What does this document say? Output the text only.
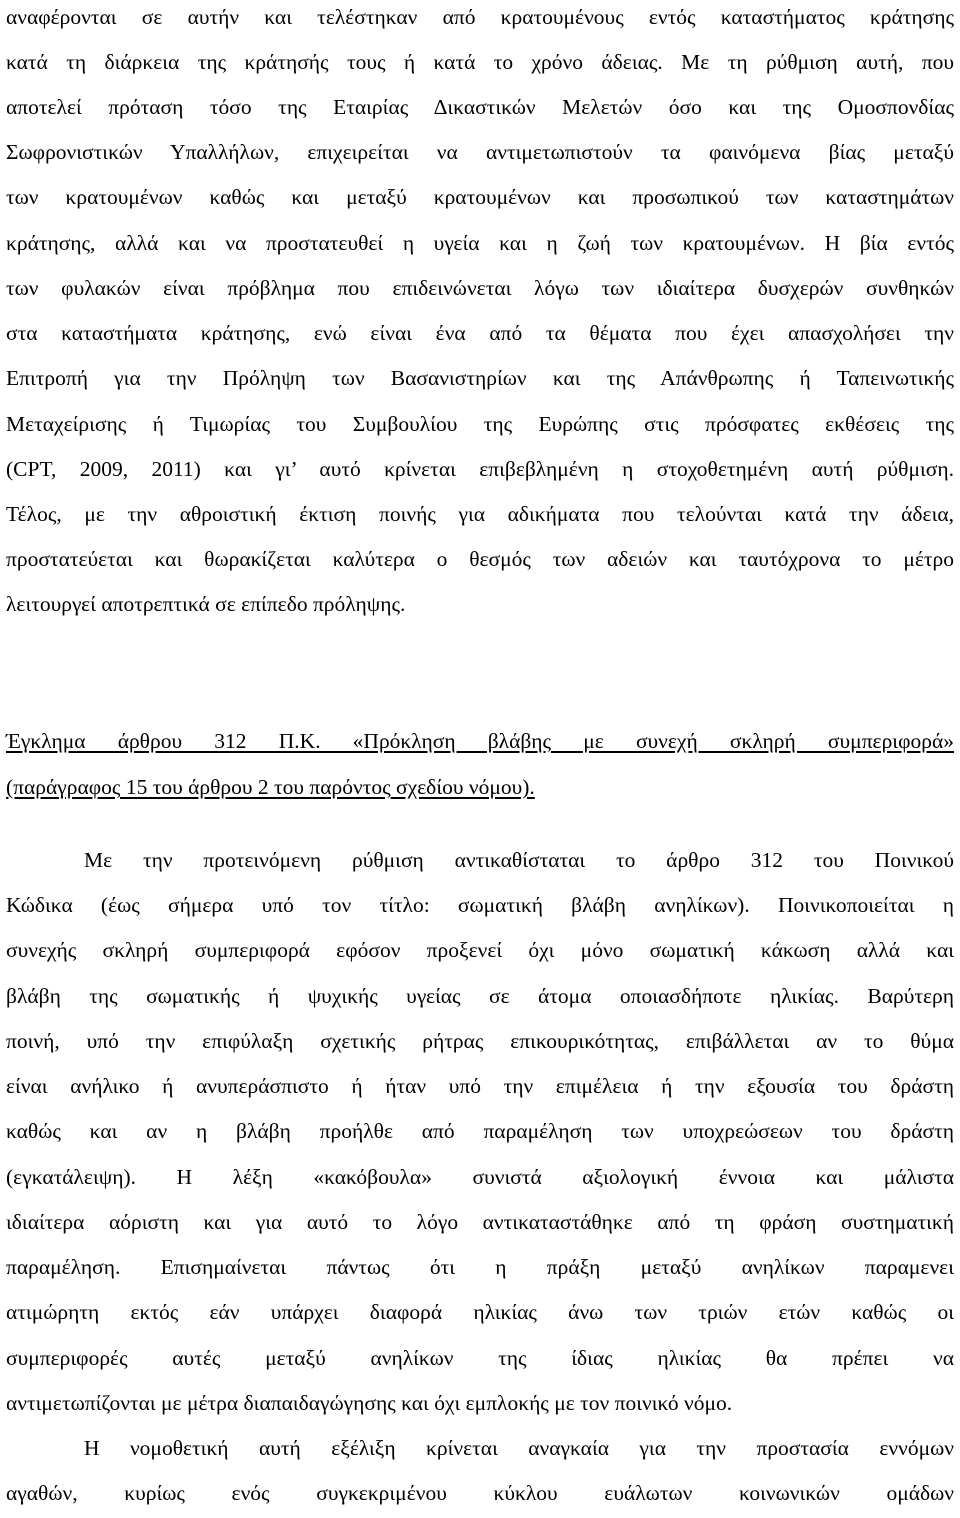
αναφέρονται σε αυτήν και τελέστηκαν από κρατουμένους εντός καταστήματος κράτησης
κατά τη διάρκεια της κράτησής τους ή κατά το χρόνο άδειας. Με τη ρύθμιση αυτή, που
αποτελεί πρόταση τόσο της Εταιρίας Δικαστικών Μελετών όσο και της Ομοσπονδίας
Σωφρονιστικών Υπαλλήλων, επιχειρείται να αντιμετωπιστούν τα φαινόμενα βίας μεταξύ
των κρατουμένων καθώς και μεταξύ κρατουμένων και προσωπικού των καταστημάτων
κράτησης, αλλά και να προστατευθεί η υγεία και η ζωή των κρατουμένων. Η βία εντός
των φυλακών είναι πρόβλημα που επιδεινώνεται λόγω των ιδιαίτερα δυσχερών συνθηκών
στα καταστήματα κράτησης, ενώ είναι ένα από τα θέματα που έχει απασχολήσει την
Επιτροπή για την Πρόληψη των Βασανιστηρίων και της Απάνθρωπης ή Ταπεινωτικής
Μεταχείρισης ή Τιμωρίας του Συμβουλίου της Ευρώπης στις πρόσφατες εκθέσεις της
(CPT, 2009, 2011) και γι’ αυτό κρίνεται επιβεβλημένη η στοχοθετημένη αυτή ρύθμιση.
Τέλος, με την αθροιστική έκτιση ποινής για αδικήματα που τελούνται κατά την άδεια,
προστατεύεται και θωρακίζεται καλύτερα ο θεσμός των αδειών και ταυτόχρονα το μέτρο
λειτουργεί αποτρεπτικά σε επίπεδο πρόληψης.
Έγκλημα άρθρου 312 Π.Κ. «Πρόκληση βλάβης με συνεχή σκληρή συμπεριφορά»
(παράγραφος 15 του άρθρου 2 του παρόντος σχεδίου νόμου).
Με την προτεινόμενη ρύθμιση αντικαθίσταται το άρθρο 312 του Ποινικού
Κώδικα (έως σήμερα υπό τον τίτλο: σωματική βλάβη ανηλίκων). Ποινικοποιείται η
συνεχής σκληρή συμπεριφορά εφόσον προξενεί όχι μόνο σωματική κάκωση αλλά και
βλάβη της σωματικής ή ψυχικής υγείας σε άτομα οποιασδήποτε ηλικίας. Βαρύτερη
ποινή, υπό την επιφύλαξη σχετικής ρήτρας επικουρικότητας, επιβάλλεται αν το θύμα
είναι ανήλικο ή ανυπεράσπιστο ή ήταν υπό την επιμέλεια ή την εξουσία του δράστη
καθώς και αν η βλάβη προήλθε από παραμέληση των υποχρεώσεων του δράστη
(εγκατάλειψη). Η λέξη «κακόβουλα» συνιστά αξιολογική έννοια και μάλιστα
ιδιαίτερα αόριστη και για αυτό το λόγο αντικαταστάθηκε από τη φράση συστηματική
παραμέληση. Επισημαίνεται πάντως ότι η πράξη μεταξύ ανηλίκων παραμενει
ατιμώρητη εκτός εάν υπάρχει διαφορά ηλικίας άνω των τριών ετών καθώς οι
συμπεριφορές αυτές μεταξύ ανηλίκων της ίδιας ηλικίας θα πρέπει να
αντιμετωπίζονται με μέτρα διαπαιδαγώγησης και όχι εμπλοκής με τον ποινικό νόμο.
Η νομοθετική αυτή εξέλιξη κρίνεται αναγκαία για την προστασία εννόμων
αγαθών, κυρίως ενός συγκεκριμένου κύκλου ευάλωτων κοινωνικών ομάδων
